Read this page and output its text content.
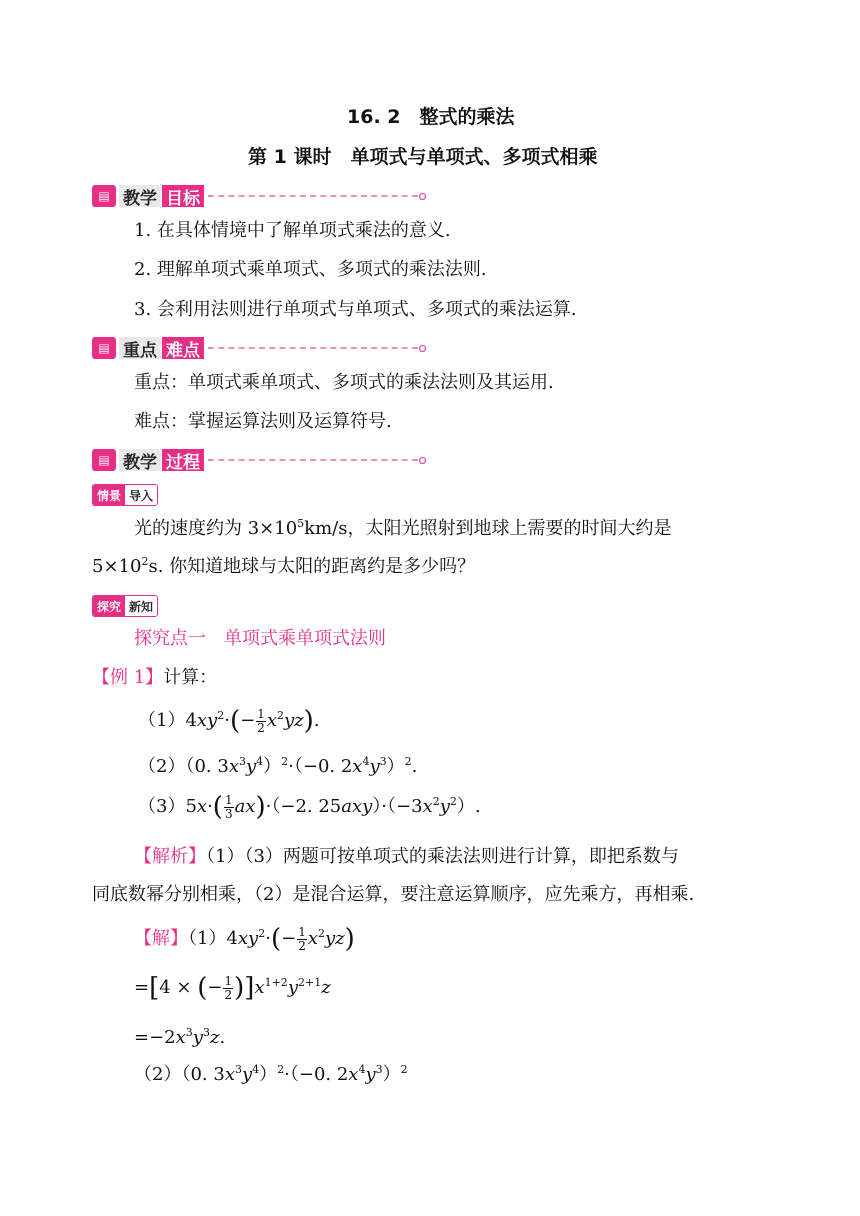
16. 2　整式的乘法
第 1 课时　单项式与单项式、多项式相乘
▤ 教学 目标
1. 在具体情境中了解单项式乘法的意义.
2. 理解单项式乘单项式、多项式的乘法法则.
3. 会利用法则进行单项式与单项式、多项式的乘法运算.
▤ 重点 难点
重点：单项式乘单项式、多项式的乘法法则及其运用.
难点：掌握运算法则及运算符号.
▤ 教学 过程
情景 导入
光的速度约为 $3\times 10^5km/s$，太阳光照射到地球上需要的时间大约是
$5\times 10^2s$. 你知道地球与太阳的距离约是多少吗？
探究 新知
探究点一　单项式乘单项式法则
【例 1】计算：
$(1)4xy^2\cdot(- \frac{1}{2} x^2yz)$.
（2）（0. $3x^3y^4)^2\cdot(-0$. $2x^4y^3)^2$.
$(3)5x\cdot( \frac{1}{3} ax)\cdot(-2$. $25axy)\cdot(-3x^2y^2)$.
【解析】（1）（3）两题可按单项式的乘法法则进行计算，即把系数与
同底数幂分别相乘，（2）是混合运算，要注意运算顺序，应先乘方，再相乘.
【解】$(1)4xy^2\cdot(- \frac{1}{2} x^2yz)$
=[4 × (− $\frac{1}{2} )]x^{1+2}y^{2+1}z$
$=-2x^3y^3z$.
（2）（0. $3x^3y^4)^2\cdot(-0$. $2x^4y^3)^2$
